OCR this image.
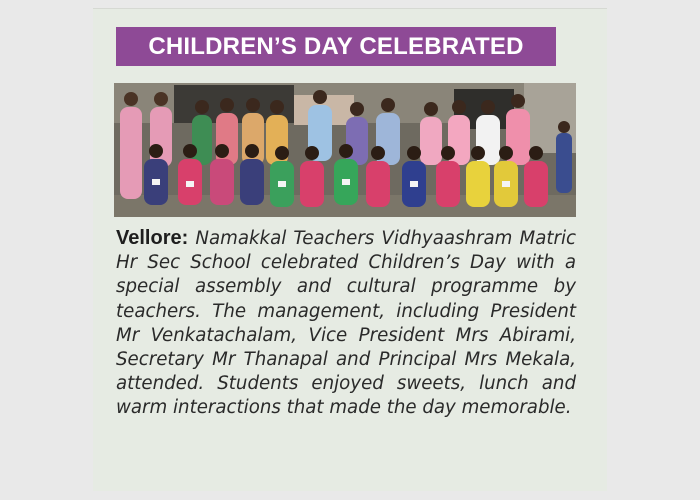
CHILDREN’S DAY CELEBRATED

Vellore: Namakkal Teachers Vidhyaashram Matric Hr Sec School celebrated Children’s Day with a special assembly and cultural programme by teachers. The management, including President Mr Venkatachalam, Vice President Mrs Abirami, Secretary Mr Thanapal and Principal Mrs Mekala, attended. Students enjoyed sweets, lunch and warm interactions that made the day memorable.
